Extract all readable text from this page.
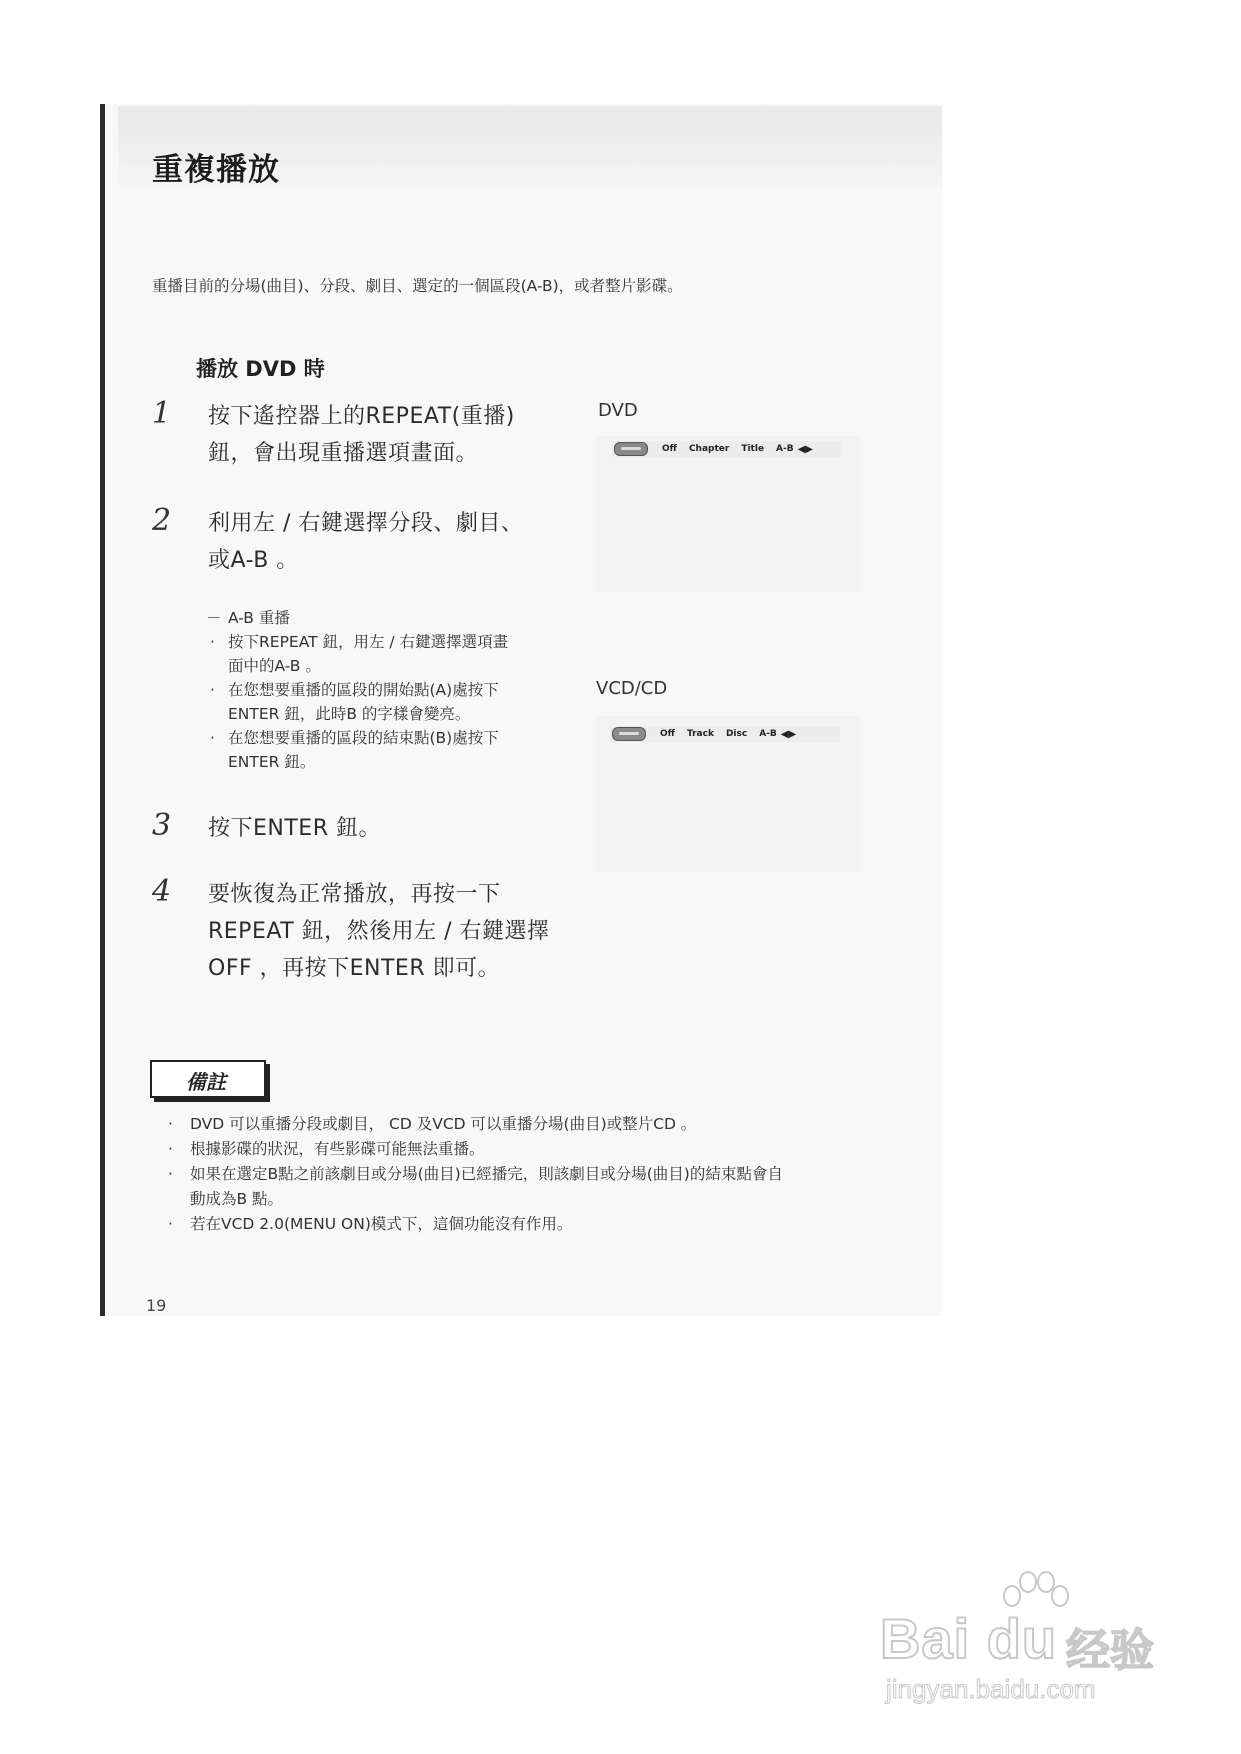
重複播放
重播目前的分場(曲目)、分段、劇目、選定的一個區段(A-B)，或者整片影碟。
播放 DVD 時
1 按下遙控器上的REPEAT(重播)
鈕，會出現重播選項畫面。
2 利用左 / 右鍵選擇分段、劇目、
或A-B 。
－ A-B 重播
· 按下REPEAT 鈕，用左 / 右鍵選擇選項畫
面中的A-B 。
· 在您想要重播的區段的開始點(A)處按下
ENTER 鈕，此時B 的字樣會變亮。
· 在您想要重播的區段的結束點(B)處按下
ENTER 鈕。
3 按下ENTER 鈕。
4 要恢復為正常播放，再按一下
REPEAT 鈕，然後用左 / 右鍵選擇
OFF ，再按下ENTER 即可。
DVD
Off Chapter Title A-B ◀▶
VCD/CD
Off Track Disc A-B ◀▶
備註
· DVD 可以重播分段或劇目， CD 及VCD 可以重播分場(曲目)或整片CD 。
· 根據影碟的狀況，有些影碟可能無法重播。
· 如果在選定B點之前該劇目或分場(曲目)已經播完，則該劇目或分場(曲目)的結束點會自
動成為B 點。
· 若在VCD 2.0(MENU ON)模式下，這個功能沒有作用。
19
Bai du 经验
jingyan.baidu.com
